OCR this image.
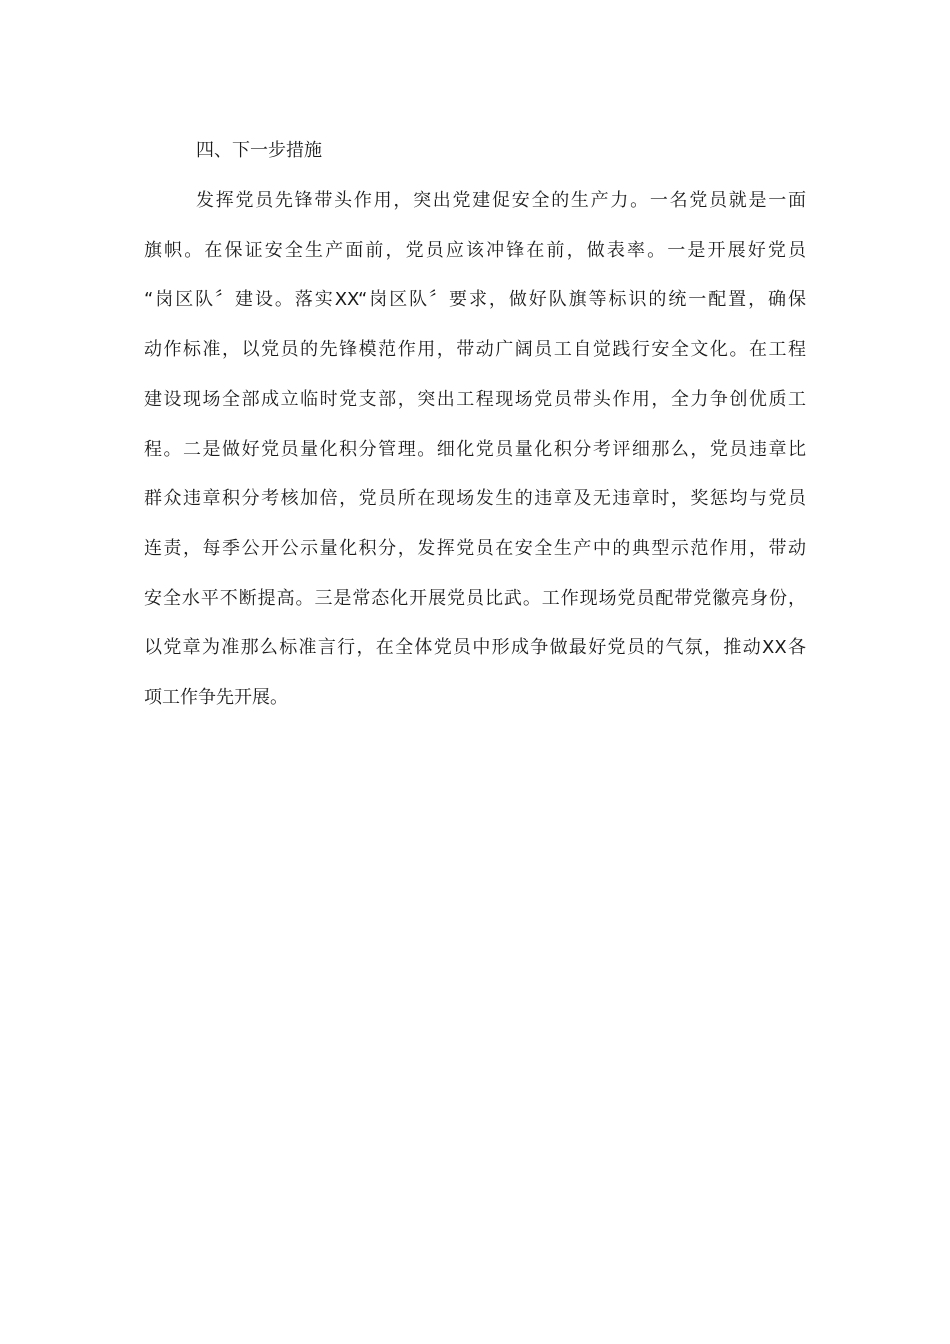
四、下一步措施

发挥党员先锋带头作用，突出党建促安全的生产力。一名党员就是一面
旗帜。在保证安全生产面前，党员应该冲锋在前，做表率。一是开展好党员
“岗区队〞建设。落实XX“岗区队〞要求，做好队旗等标识的统一配置，确保
动作标准，以党员的先锋模范作用，带动广阔员工自觉践行安全文化。在工程
建设现场全部成立临时党支部，突出工程现场党员带头作用，全力争创优质工
程。二是做好党员量化积分管理。细化党员量化积分考评细那么，党员违章比
群众违章积分考核加倍，党员所在现场发生的违章及无违章时，奖惩均与党员
连责，每季公开公示量化积分，发挥党员在安全生产中的典型示范作用，带动
安全水平不断提高。三是常态化开展党员比武。工作现场党员配带党徽亮身份，
以党章为准那么标准言行，在全体党员中形成争做最好党员的气氛，推动XX各
项工作争先开展。
